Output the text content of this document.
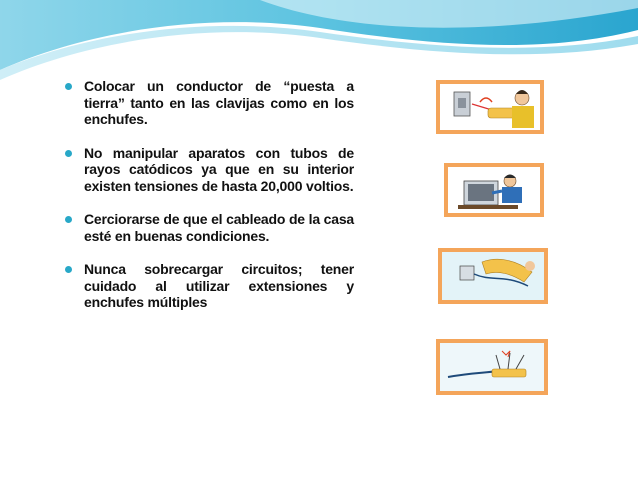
Colocar un conductor de “puesta a tierra” tanto en las clavijas como en los enchufes.
No manipular aparatos con tubos de rayos catódicos ya que en su interior existen tensiones de hasta 20,000 voltios.
Cerciorarse de que el cableado de la casa esté en buenas condiciones.
Nunca sobrecargar circuitos; tener cuidado al utilizar extensiones y enchufes múltiples
